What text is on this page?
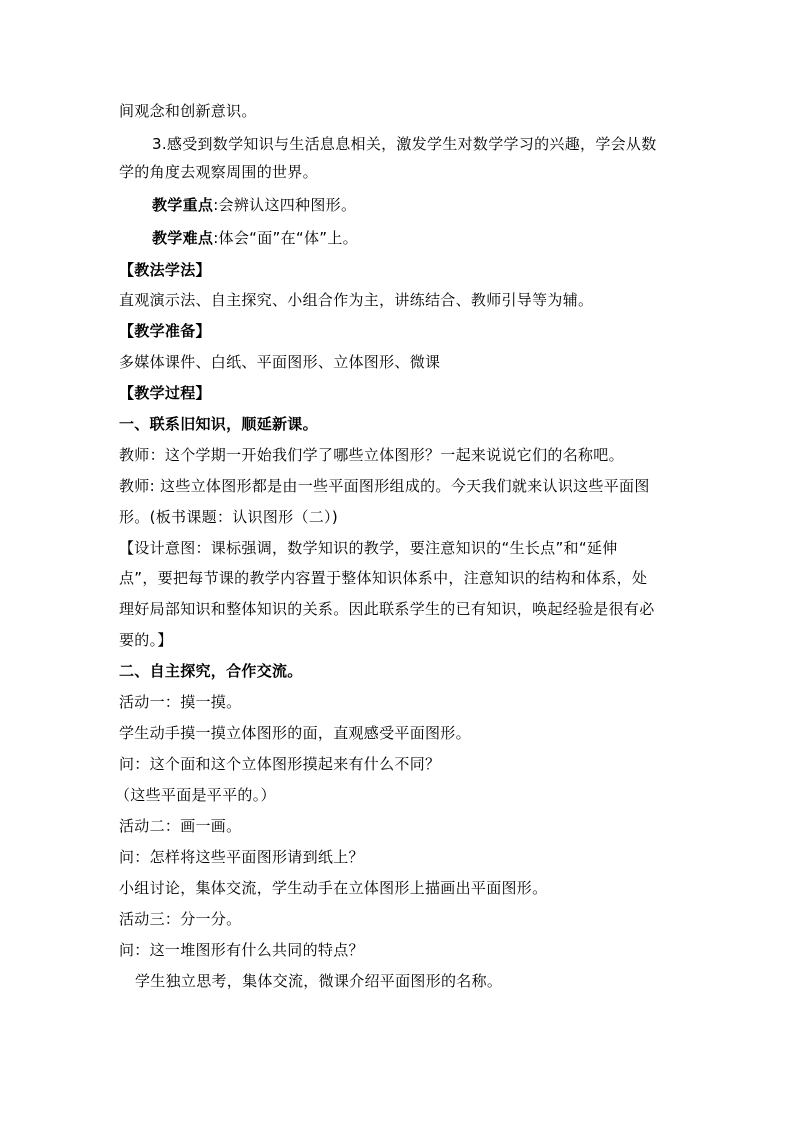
间观念和创新意识。
3.感受到数学知识与生活息息相关，激发学生对数学学习的兴趣，学会从数
学的角度去观察周围的世界。
教学重点:会辨认这四种图形。
教学难点:体会“面”在“体”上。
【教法学法】
直观演示法、自主探究、小组合作为主，讲练结合、教师引导等为辅。
【教学准备】
多媒体课件、白纸、平面图形、立体图形、微课
【教学过程】
一、联系旧知识，顺延新课。
教师：这个学期一开始我们学了哪些立体图形？一起来说说它们的名称吧。
教师: 这些立体图形都是由一些平面图形组成的。今天我们就来认识这些平面图
形。(板书课题：认识图形（二）)
【设计意图：课标强调，数学知识的教学，要注意知识的“生长点”和“延伸
点”，要把每节课的教学内容置于整体知识体系中，注意知识的结构和体系，处
理好局部知识和整体知识的关系。因此联系学生的已有知识，唤起经验是很有必
要的。】
二、自主探究，合作交流。
活动一：摸一摸。
学生动手摸一摸立体图形的面，直观感受平面图形。
问：这个面和这个立体图形摸起来有什么不同？
（这些平面是平平的。）
活动二：画一画。
问：怎样将这些平面图形请到纸上？
小组讨论，集体交流，学生动手在立体图形上描画出平面图形。
活动三：分一分。
问：这一堆图形有什么共同的特点？
学生独立思考，集体交流，微课介绍平面图形的名称。
